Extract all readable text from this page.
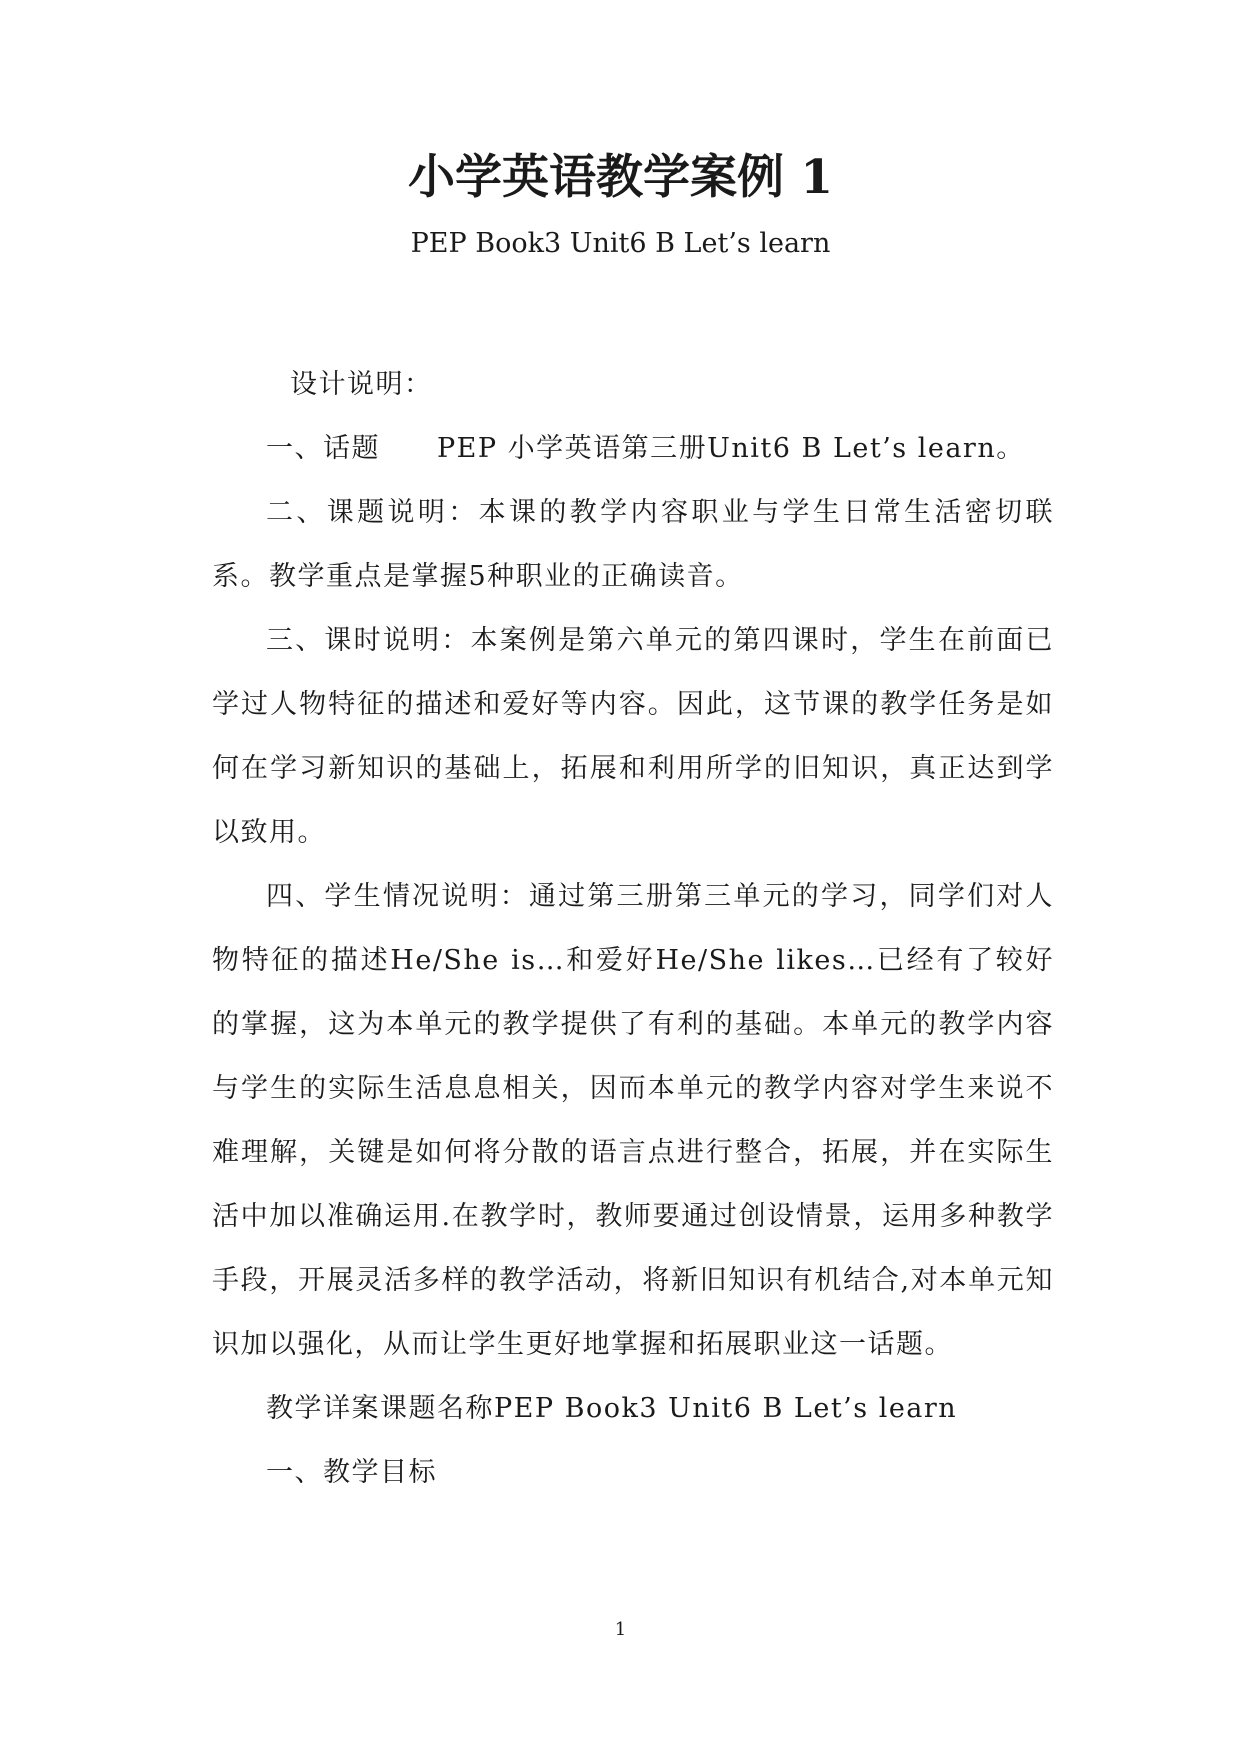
小学英语教学案例 1
PEP Book3 Unit6 B Let’s learn

设计说明：

一、话题　　PEP 小学英语第三册Unit6 B Let’s learn。

二、课题说明：本课的教学内容职业与学生日常生活密切联系。教学重点是掌握5种职业的正确读音。

三、课时说明：本案例是第六单元的第四课时，学生在前面已学过人物特征的描述和爱好等内容。因此，这节课的教学任务是如何在学习新知识的基础上，拓展和利用所学的旧知识，真正达到学以致用。

四、学生情况说明：通过第三册第三单元的学习，同学们对人物特征的描述He/She is…和爱好He/She likes…已经有了较好的掌握，这为本单元的教学提供了有利的基础。本单元的教学内容与学生的实际生活息息相关，因而本单元的教学内容对学生来说不难理解，关键是如何将分散的语言点进行整合，拓展，并在实际生活中加以准确运用.在教学时，教师要通过创设情景，运用多种教学手段，开展灵活多样的教学活动，将新旧知识有机结合,对本单元知识加以强化，从而让学生更好地掌握和拓展职业这一话题。

教学详案课题名称PEP Book3 Unit6 B Let’s learn

一、教学目标

1
